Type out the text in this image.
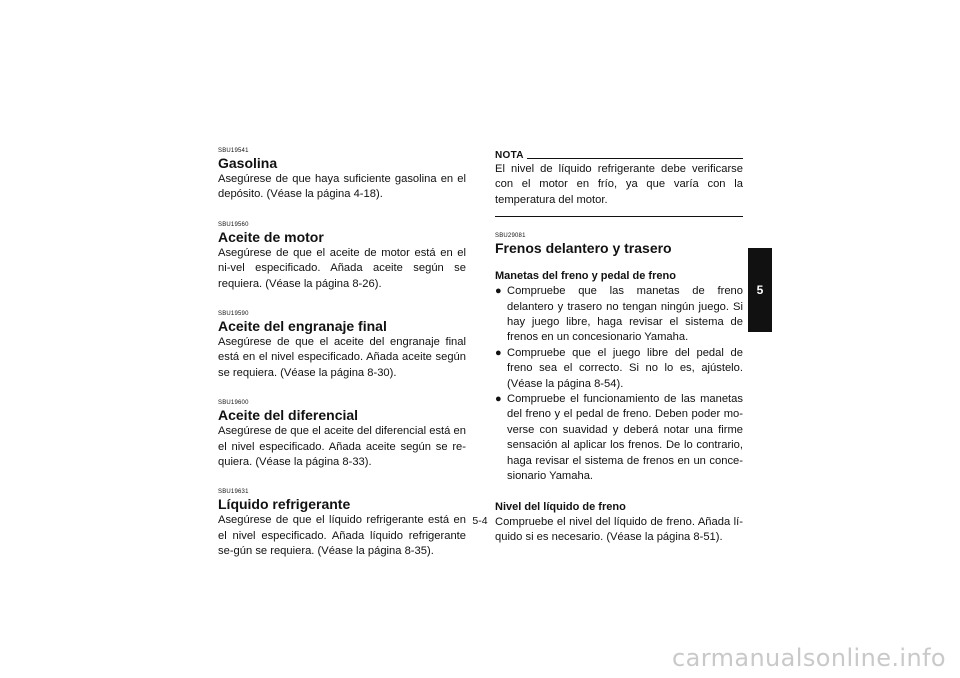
SBU19541

Gasolina

Asegúrese de que haya suficiente gasolina en el depósito. (Véase la página 4-18).

SBU19560

Aceite de motor

Asegúrese de que el aceite de motor está en el ni-vel especificado. Añada aceite según se requiera. (Véase la página 8-26).

SBU19590

Aceite del engranaje final

Asegúrese de que el aceite del engranaje final está en el nivel especificado. Añada aceite según se requiera. (Véase la página 8-30).

SBU19600

Aceite del diferencial

Asegúrese de que el aceite del diferencial está en el nivel especificado. Añada aceite según se re-quiera. (Véase la página 8-33).

SBU19631

Líquido refrigerante

Asegúrese de que el líquido refrigerante está en el nivel especificado. Añada líquido refrigerante se-gún se requiera. (Véase la página 8-35).

NOTA

El nivel de líquido refrigerante debe verificarse con el motor en frío, ya que varía con la temperatura del motor.

SBU29081

Frenos delantero y trasero

Manetas del freno y pedal de freno

● Compruebe que las manetas de freno delantero y trasero no tengan ningún juego. Si hay juego libre, haga revisar el sistema de frenos en un concesionario Yamaha.
● Compruebe que el juego libre del pedal de freno sea el correcto. Si no lo es, ajústelo. (Véase la página 8-54).
● Compruebe el funcionamiento de las manetas del freno y el pedal de freno. Deben poder mo-verse con suavidad y deberá notar una firme sensación al aplicar los frenos. De lo contrario, haga revisar el sistema de frenos en un conce-sionario Yamaha.

Nivel del líquido de freno

Compruebe el nivel del líquido de freno. Añada lí-quido si es necesario. (Véase la página 8-51).

5
5-4
carmanualsonline.info
